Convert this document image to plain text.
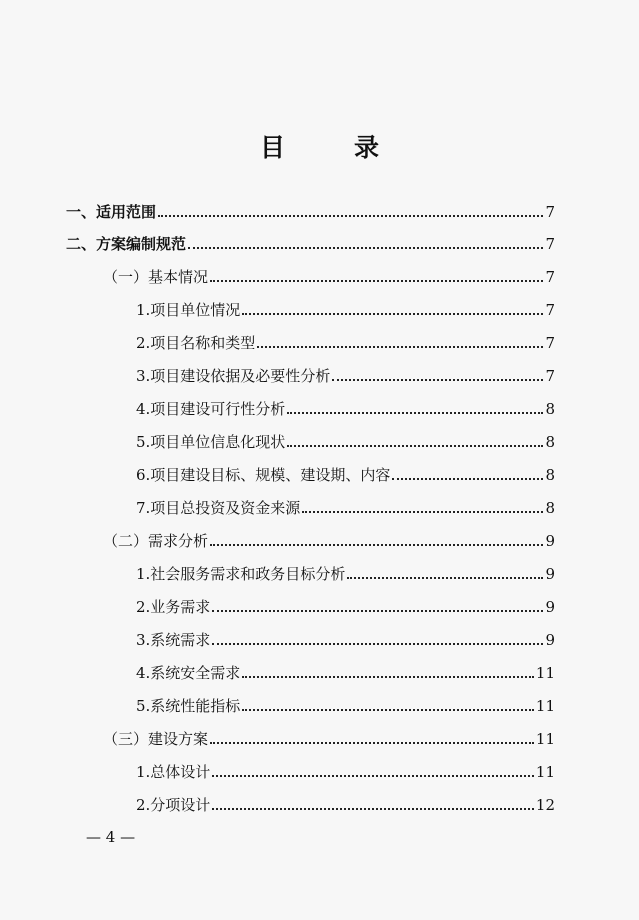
目　录
一、适用范围	7
二、方案编制规范	7
（一）基本情况	7
1.项目单位情况	7
2.项目名称和类型	7
3.项目建设依据及必要性分析	7
4.项目建设可行性分析	8
5.项目单位信息化现状	8
6.项目建设目标、规模、建设期、内容	8
7.项目总投资及资金来源	8
（二）需求分析	9
1.社会服务需求和政务目标分析	9
2.业务需求	9
3.系统需求	9
4.系统安全需求	11
5.系统性能指标	11
（三）建设方案	11
1.总体设计	11
2.分项设计	12
— 4 —
